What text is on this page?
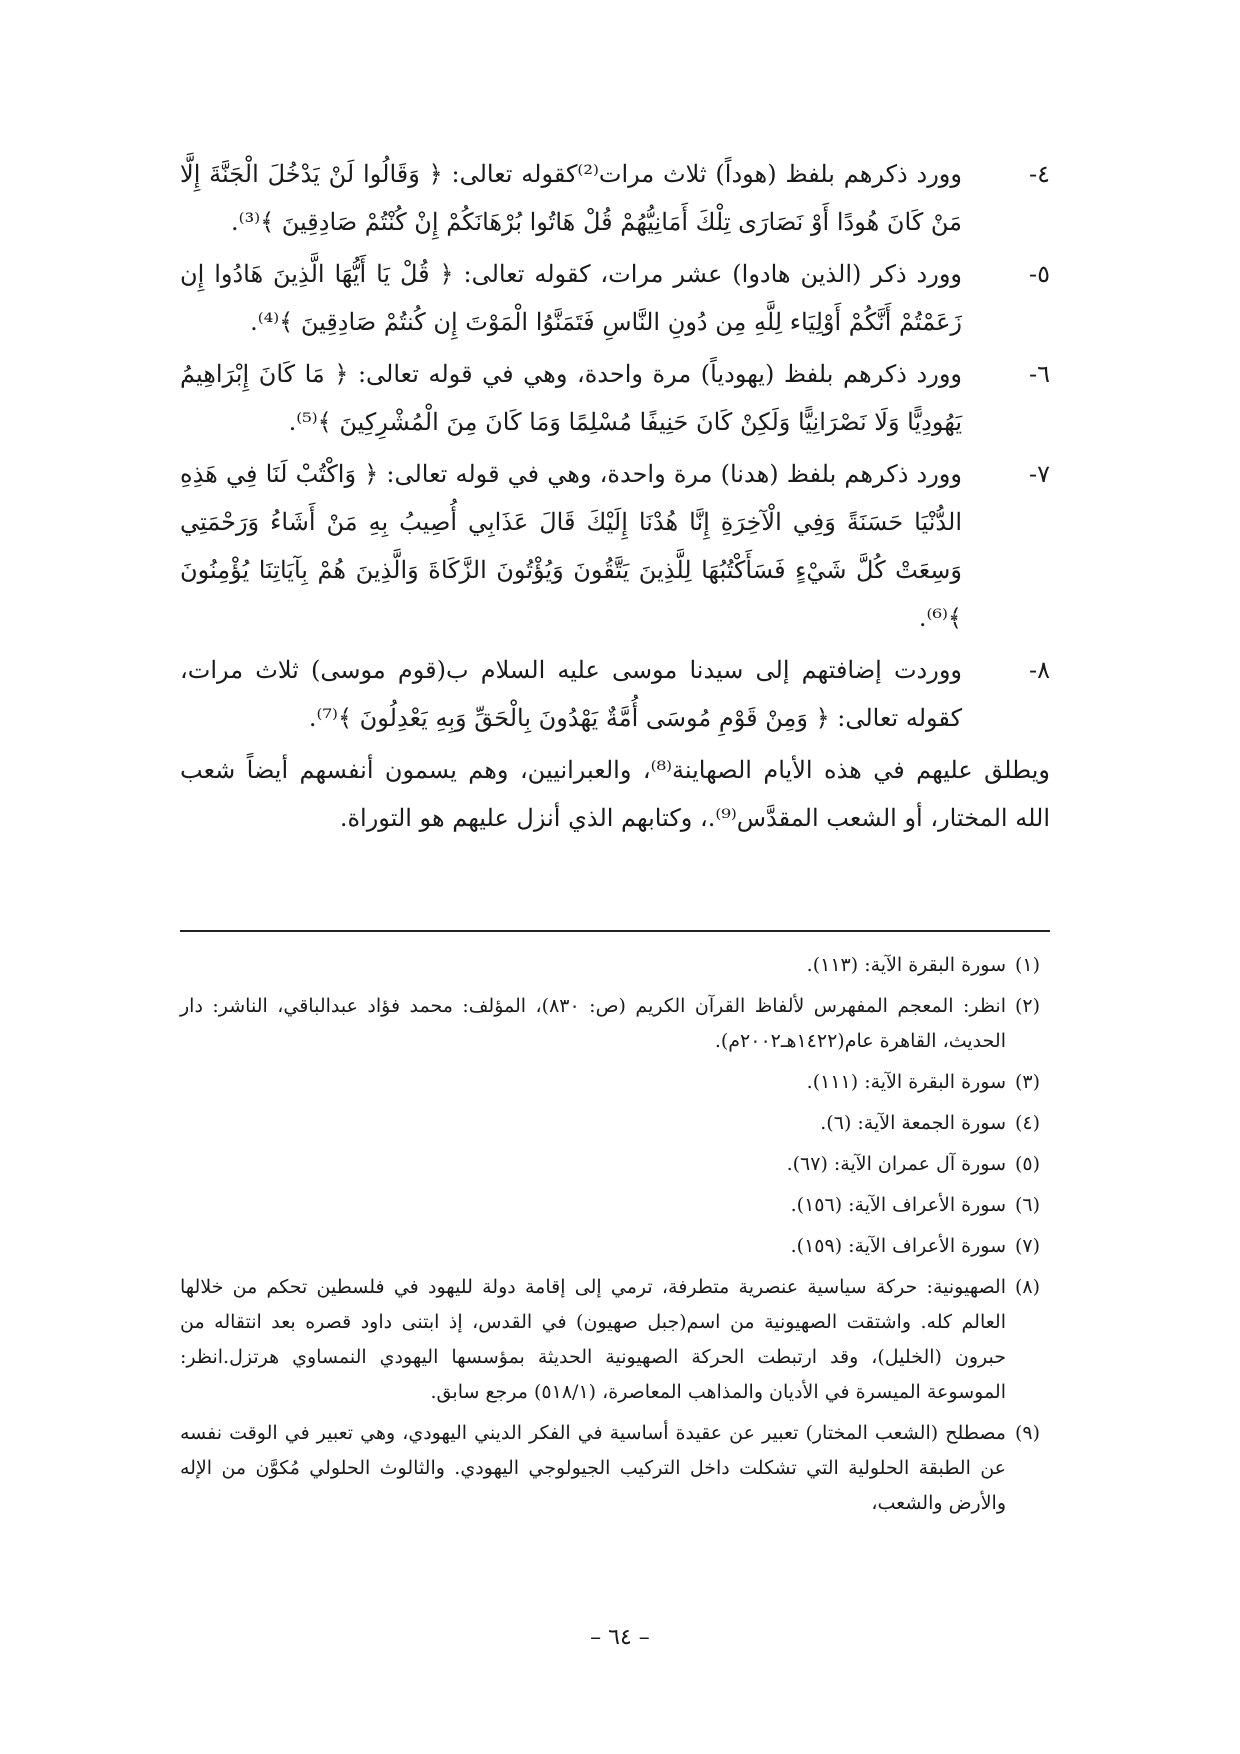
٤-
وورد ذكرهم بلفظ (هوداً) ثلاث مرات⁽²⁾كقوله تعالى: ﴿ وَقَالُوا لَنْ يَدْخُلَ الْجَنَّةَ إِلَّا مَنْ كَانَ هُودًا أَوْ نَصَارَى تِلْكَ أَمَانِيُّهُمْ قُلْ هَاتُوا بُرْهَانَكُمْ إِنْ كُنْتُمْ صَادِقِينَ ﴾⁽³⁾.
٥-
وورد ذكر (الذين هادوا) عشر مرات، كقوله تعالى: ﴿ قُلْ يَا أَيُّهَا الَّذِينَ هَادُوا إِن زَعَمْتُمْ أَنَّكُمْ أَوْلِيَاء لِلَّهِ مِن دُونِ النَّاسِ فَتَمَنَّوُا الْمَوْتَ إِن كُنتُمْ صَادِقِينَ ﴾⁽⁴⁾.
٦-
وورد ذكرهم بلفظ (يهودياً) مرة واحدة، وهي في قوله تعالى: ﴿ مَا كَانَ إِبْرَاهِيمُ يَهُودِيًّا وَلَا نَصْرَانِيًّا وَلَكِنْ كَانَ حَنِيفًا مُسْلِمًا وَمَا كَانَ مِنَ الْمُشْرِكِينَ ﴾⁽⁵⁾.
٧-
وورد ذكرهم بلفظ (هدنا) مرة واحدة، وهي في قوله تعالى: ﴿ وَاكْتُبْ لَنَا فِي هَذِهِ الدُّنْيَا حَسَنَةً وَفِي الْآخِرَةِ إِنَّا هُدْنَا إِلَيْكَ قَالَ عَذَابِي أُصِيبُ بِهِ مَنْ أَشَاءُ وَرَحْمَتِي وَسِعَتْ كُلَّ شَيْءٍ فَسَأَكْتُبُهَا لِلَّذِينَ يَتَّقُونَ وَيُؤْتُونَ الزَّكَاةَ وَالَّذِينَ هُمْ بِآيَاتِنَا يُؤْمِنُونَ ﴾⁽⁶⁾.
٨-
ووردت إضافتهم إلى سيدنا موسى عليه السلام ب(قوم موسى) ثلاث مرات، كقوله تعالى: ﴿ وَمِنْ قَوْمِ مُوسَى أُمَّةٌ يَهْدُونَ بِالْحَقِّ وَبِهِ يَعْدِلُونَ ﴾⁽⁷⁾.
ويطلق عليهم في هذه الأيام الصهاينة⁽⁸⁾، والعبرانيين، وهم يسمون أنفسهم أيضاً شعب الله المختار، أو الشعب المقدَّس⁽⁹⁾.، وكتابهم الذي أنزل عليهم هو التوراة.
(١)
سورة البقرة الآية: (١١٣).
(٢)
انظر: المعجم المفهرس لألفاظ القرآن الكريم (ص: ٨٣٠)، المؤلف: محمد فؤاد عبدالباقي، الناشر: دار الحديث، القاهرة عام(١٤٢٢هـ٢٠٠٢م).
(٣)
سورة البقرة الآية: (١١١).
(٤)
سورة الجمعة الآية: (٦).
(٥)
سورة آل عمران الآية: (٦٧).
(٦)
سورة الأعراف الآية: (١٥٦).
(٧)
سورة الأعراف الآية: (١٥٩).
(٨)
الصهيونية: حركة سياسية عنصرية متطرفة، ترمي إلى إقامة دولة لليهود في فلسطين تحكم من خلالها العالم كله. واشتقت الصهيونية من اسم(جبل صهيون) في القدس، إذ ابتنى داود قصره بعد انتقاله من حبرون (الخليل)، وقد ارتبطت الحركة الصهيونية الحديثة بمؤسسها اليهودي النمساوي هرتزل.انظر: الموسوعة الميسرة في الأديان والمذاهب المعاصرة، (٥١٨/١) مرجع سابق.
(٩)
مصطلح (الشعب المختار) تعبير عن عقيدة أساسية في الفكر الديني اليهودي، وهي تعبير في الوقت نفسه عن الطبقة الحلولية التي تشكلت داخل التركيب الجيولوجي اليهودي. والثالوث الحلولي مُكوَّن من الإله والأرض والشعب،
– ٦٤ –
